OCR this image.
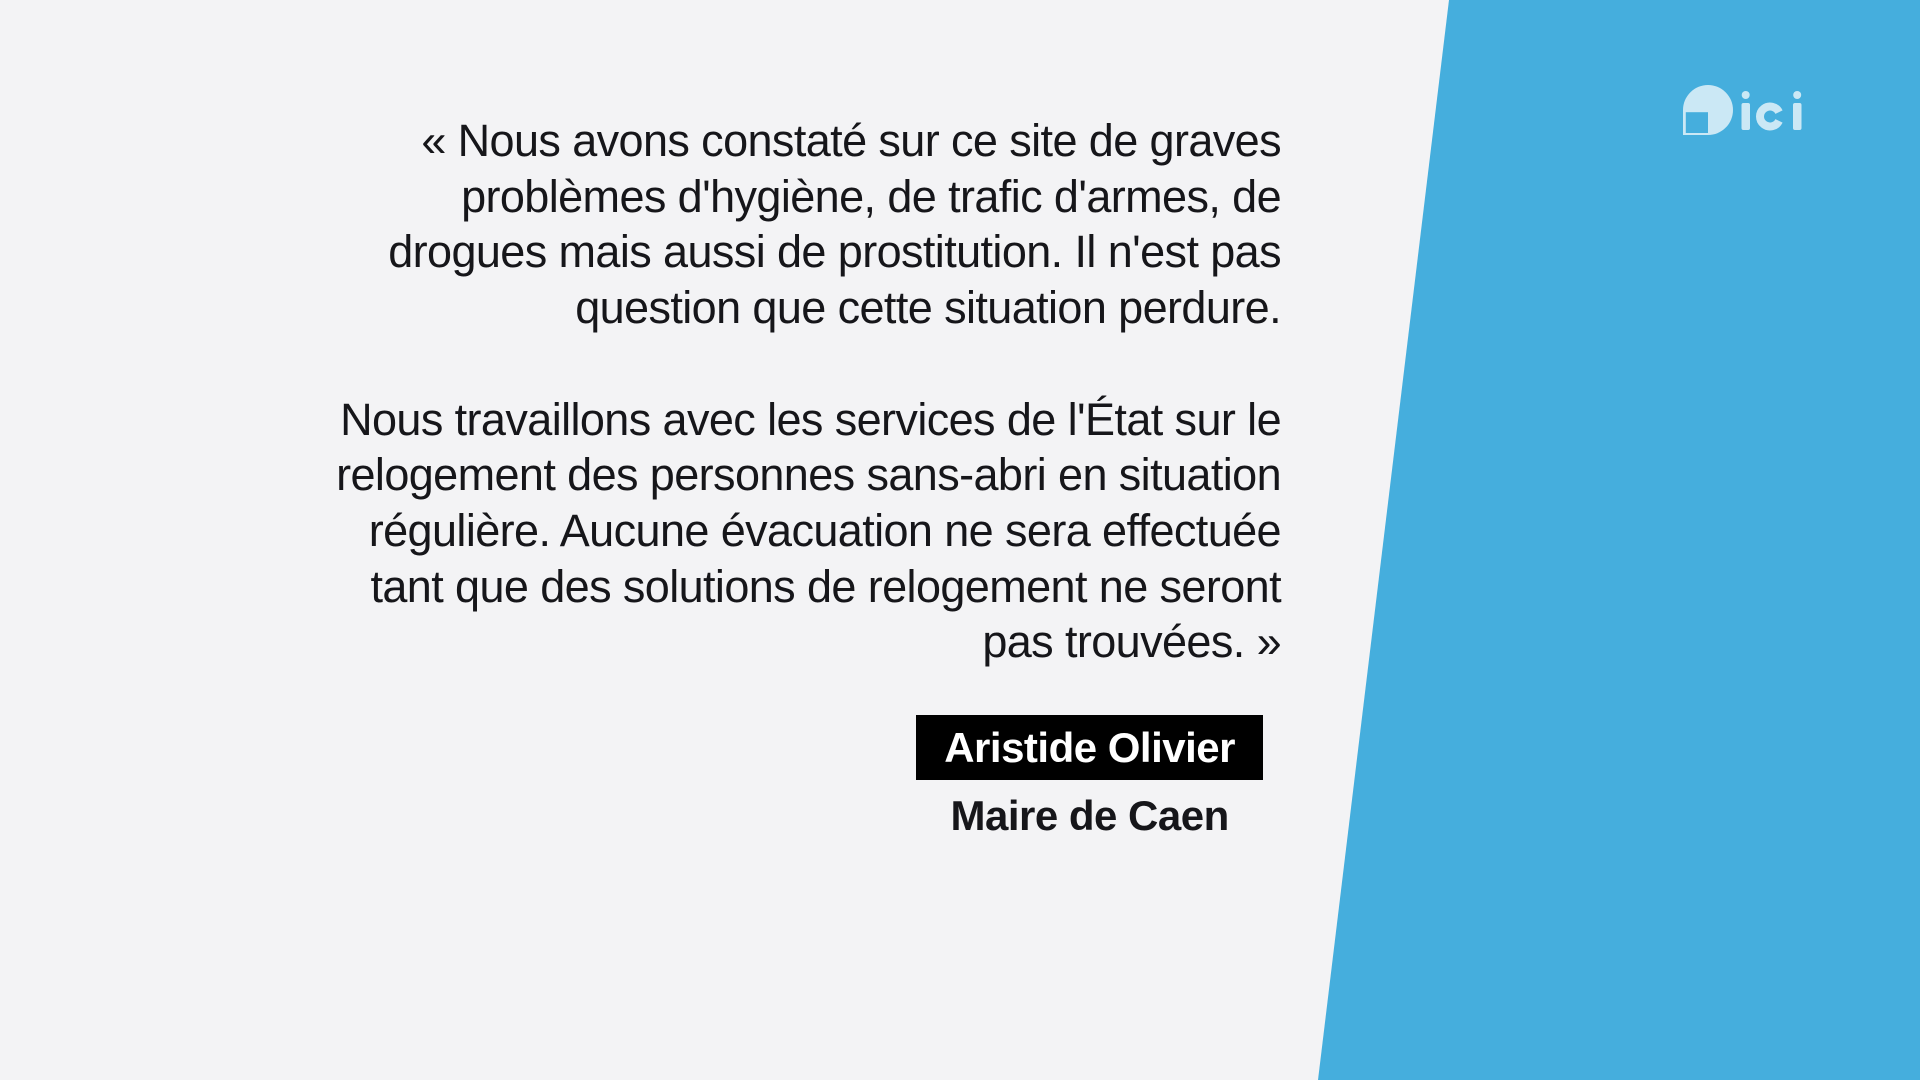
« Nous avons constaté sur ce site de graves
problèmes d'hygiène, de trafic d'armes, de
drogues mais aussi de prostitution. Il n'est pas
question que cette situation perdure.
Nous travaillons avec les services de l'État sur le
relogement des personnes sans-abri en situation
régulière. Aucune évacuation ne sera effectuée
tant que des solutions de relogement ne seront
pas trouvées. »
Aristide Olivier
Maire de Caen
